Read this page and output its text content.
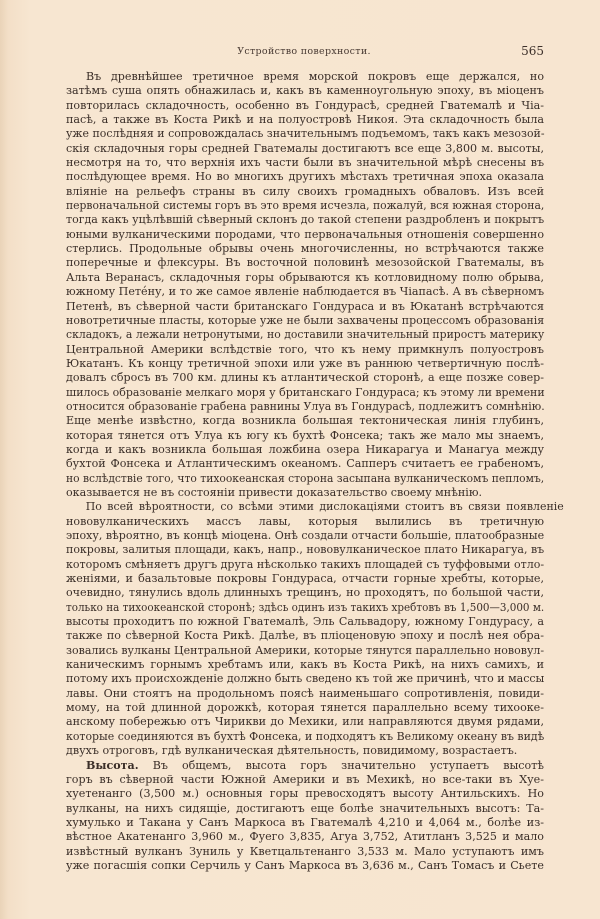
Устройство поверхности.	565
Въ древнѣйшее третичное время морской покровъ еще держался, но
затѣмъ суша опять обнажилась и, какъ въ каменноугольную эпоху, въ міоценъ
повторилась складочность, особенно въ Гондурасѣ, средней Гватемалѣ и Чіа-
пасѣ, а также въ Коста Рикѣ и на полуостровѣ Никоя. Эта складочность была
уже послѣдняя и сопровождалась значительнымъ подъемомъ, такъ какъ мезозой-
скія складочныя горы средней Гватемалы достигаютъ все еще 3,800 м. высоты,
несмотря на то, что верхнія ихъ части были въ значительной мѣрѣ снесены въ
послѣдующее время. Но во многихъ другихъ мѣстахъ третичная эпоха оказала
вліяніе на рельефъ страны въ силу своихъ громадныхъ обваловъ. Изъ всей
первоначальной системы горъ въ это время исчезла, пожалуй, вся южная сторона,
тогда какъ уцѣлѣвшій сѣверный склонъ до такой степени раздробленъ и покрытъ
юными вулканическими породами, что первоначальныя отношенія совершенно
стерлись. Продольные обрывы очень многочисленны, но встрѣчаются также
поперечные и флексуры. Въ восточной половинѣ мезозойской Гватемалы, въ
Альта Веранасъ, складочныя горы обрываются къ котловидному полю обрыва,
южному Петéну, и то же самое явленіе наблюдается въ Чіапасѣ. А въ сѣверномъ
Петенѣ, въ сѣверной части британскаго Гондураса и въ Юкатанѣ встрѣчаются
новотретичные пласты, которые уже не были захвачены процессомъ образованія
складокъ, а лежали нетронутыми, но доставили значительный приростъ материку
Центральной Америки вслѣдствіе того, что къ нему примкнулъ полуостровъ
Юкатанъ. Къ концу третичной эпохи или уже въ раннюю четвертичную послѣ-
довалъ сбросъ въ 700 км. длины къ атлантической сторонѣ, а еще позже совер-
шилось образованіе мелкаго моря у британскаго Гондураса; къ этому ли времени
относится образованіе грабена равнины Улуа въ Гондурасѣ, подлежитъ сомнѣнію.
Еще менѣе извѣстно, когда возникла большая тектоническая линія глубинъ,
которая тянется отъ Улуа къ югу къ бухтѣ Фонсека; такъ же мало мы знаемъ,
когда и какъ возникла большая ложбина озера Никарагуа и Манагуа между
бухтой Фонсека и Атлантическимъ океаномъ. Сапперъ считаетъ ее грабеномъ,
но вслѣдствіе того, что тихоокеанская сторона засыпана вулканическомъ пепломъ,
оказывается не въ состояніи привести доказательство своему мнѣнію.
По всей вѣроятности, со всѣми этими дислокаціями стоитъ въ связи появленіе
нововулканическихъ массъ лавы, которыя вылились въ третичную
эпоху, вѣроятно, въ концѣ міоцена. Онѣ создали отчасти большіе, платообразные
покровы, залитыя площади, какъ, напр., нововулканическое плато Никарагуа, въ
которомъ смѣняетъ другъ друга нѣсколько такихъ площадей съ туффовыми отло-
женіями, и базальтовые покровы Гондураса, отчасти горные хребты, которые,
очевидно, тянулись вдоль длинныхъ трещинъ, но проходятъ, по большой части,
только на тихоокеанской сторонѣ; здѣсь одинъ изъ такихъ хребтовъ въ 1,500—3,000 м.
высоты проходитъ по южной Гватемалѣ, Эль Сальвадору, южному Гондурасу, а
также по сѣверной Коста Рикѣ. Далѣе, въ пліоценовую эпоху и послѣ нея обра-
зовались вулканы Центральной Америки, которые тянутся параллельно нововул-
каническимъ горнымъ хребтамъ или, какъ въ Коста Рикѣ, на нихъ самихъ, и
потому ихъ происхожденіе должно быть сведено къ той же причинѣ, что и массы
лавы. Они стоятъ на продольномъ поясѣ наименьшаго сопротивленія, повиди-
мому, на той длинной дорожкѣ, которая тянется параллельно всему тихооке-
анскому побережью отъ Чирикви до Мехики, или направляются двумя рядами,
которые соединяются въ бухтѣ Фонсека, и подходятъ къ Великому океану въ видѣ
двухъ отроговъ, гдѣ вулканическая дѣятельность, повидимому, возрастаетъ.
Высота. Въ общемъ, высота горъ значительно уступаетъ высотѣ
горъ въ сѣверной части Южной Америки и въ Мехикѣ, но все-таки въ Хуе-
хуетенанго (3,500 м.) основныя горы превосходятъ высоту Антильскихъ. Но
вулканы, на нихъ сидящіе, достигаютъ еще болѣе значительныхъ высотъ: Та-
хумулько и Такана у Санъ Маркоса въ Гватемалѣ 4,210 и 4,064 м., болѣе из-
вѣстное Акатенанго 3,960 м., Фуего 3,835, Агуа 3,752, Атитланъ 3,525 и мало
извѣстный вулканъ Зуниль у Кветцальтенанго 3,533 м. Мало уступаютъ имъ
уже погасшія сопки Серчиль у Санъ Маркоса въ 3,636 м., Санъ Томасъ и Сьете
